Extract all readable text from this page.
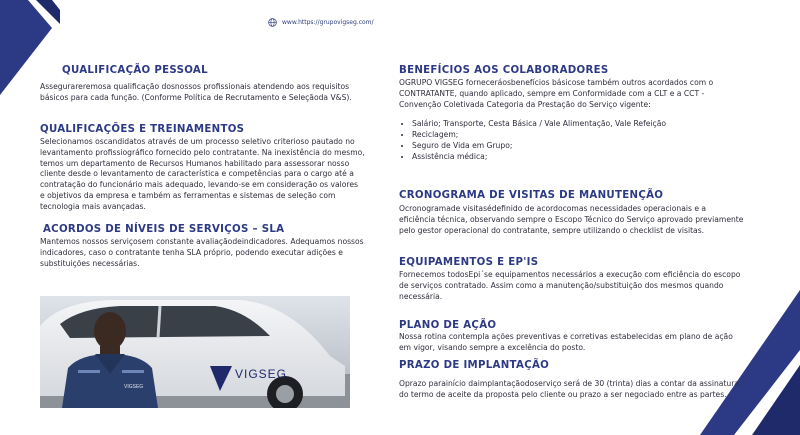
www.https://grupovigseg.com/
QUALIFICAÇÃO PESSOAL

Assegurareremosa qualificação dosnossos profissionais atendendo aos requisitos básicos para cada função. (Conforme Política de Recrutamento e Seleçãoda V&S).

QUALIFICAÇÕES E TREINAMENTOS

Selecionamos oscandidatos através de um processo seletivo criterioso pautado no levantamento profissiográfico fornecido pelo contratante. Na inexistência do mesmo, temos um departamento de Recursos Humanos habilitado para assessorar nosso cliente desde o levantamento de característica e competências para o cargo até a contratação do funcionário mais adequado, levando-se em consideração os valores e objetivos da empresa e também as ferramentas e sistemas de seleção com tecnologia mais avançadas.

ACORDOS DE NÍVEIS DE SERVIÇOS – SLA

Mantemos nossos serviçosem constante avaliaçãodeindicadores. Adequamos nossos indicadores, caso o contratante tenha SLA próprio, podendo executar adições e substituições necessárias.

VIGSEG
VIGSEG
BENEFÍCIOS AOS COLABORADORES

OGRUPO VIGSEG forneceráosbenefícios básicose também outros acordados com o CONTRATANTE, quando aplicado, sempre em Conformidade com a CLT e a CCT - Convenção Coletivada Categoria da Prestação do Serviço vigente:

• Salário; Transporte, Cesta Básica / Vale Alimentação, Vale Refeição
• Reciclagem;
• Seguro de Vida em Grupo;
• Assistência médica;
CRONOGRAMA DE VISITAS DE MANUTENÇÃO

Ocronogramade visitasédefinido de acordocomas necessidades operacionais e a eficiência técnica, observando sempre o Escopo Técnico do Serviço aprovado previamente pelo gestor operacional do contratante, sempre utilizando o checklist de visitas.

EQUIPAMENTOS E EP'IS

Fornecemos todosEpi´se equipamentos necessários a execução com eficiência do escopo de serviços contratado. Assim como a manutenção/substituição dos mesmos quando necessária.

PLANO DE AÇÃO

Nossa rotina contempla ações preventivas e corretivas estabelecidas em plano de ação em vigor, visando sempre a excelência do posto.

PRAZO DE IMPLANTAÇÃO

Oprazo parainício daimplantaçãodoserviço será de 30 (trinta) dias a contar da assinatura do termo de aceite da proposta pelo cliente ou prazo a ser negociado entre as partes.
